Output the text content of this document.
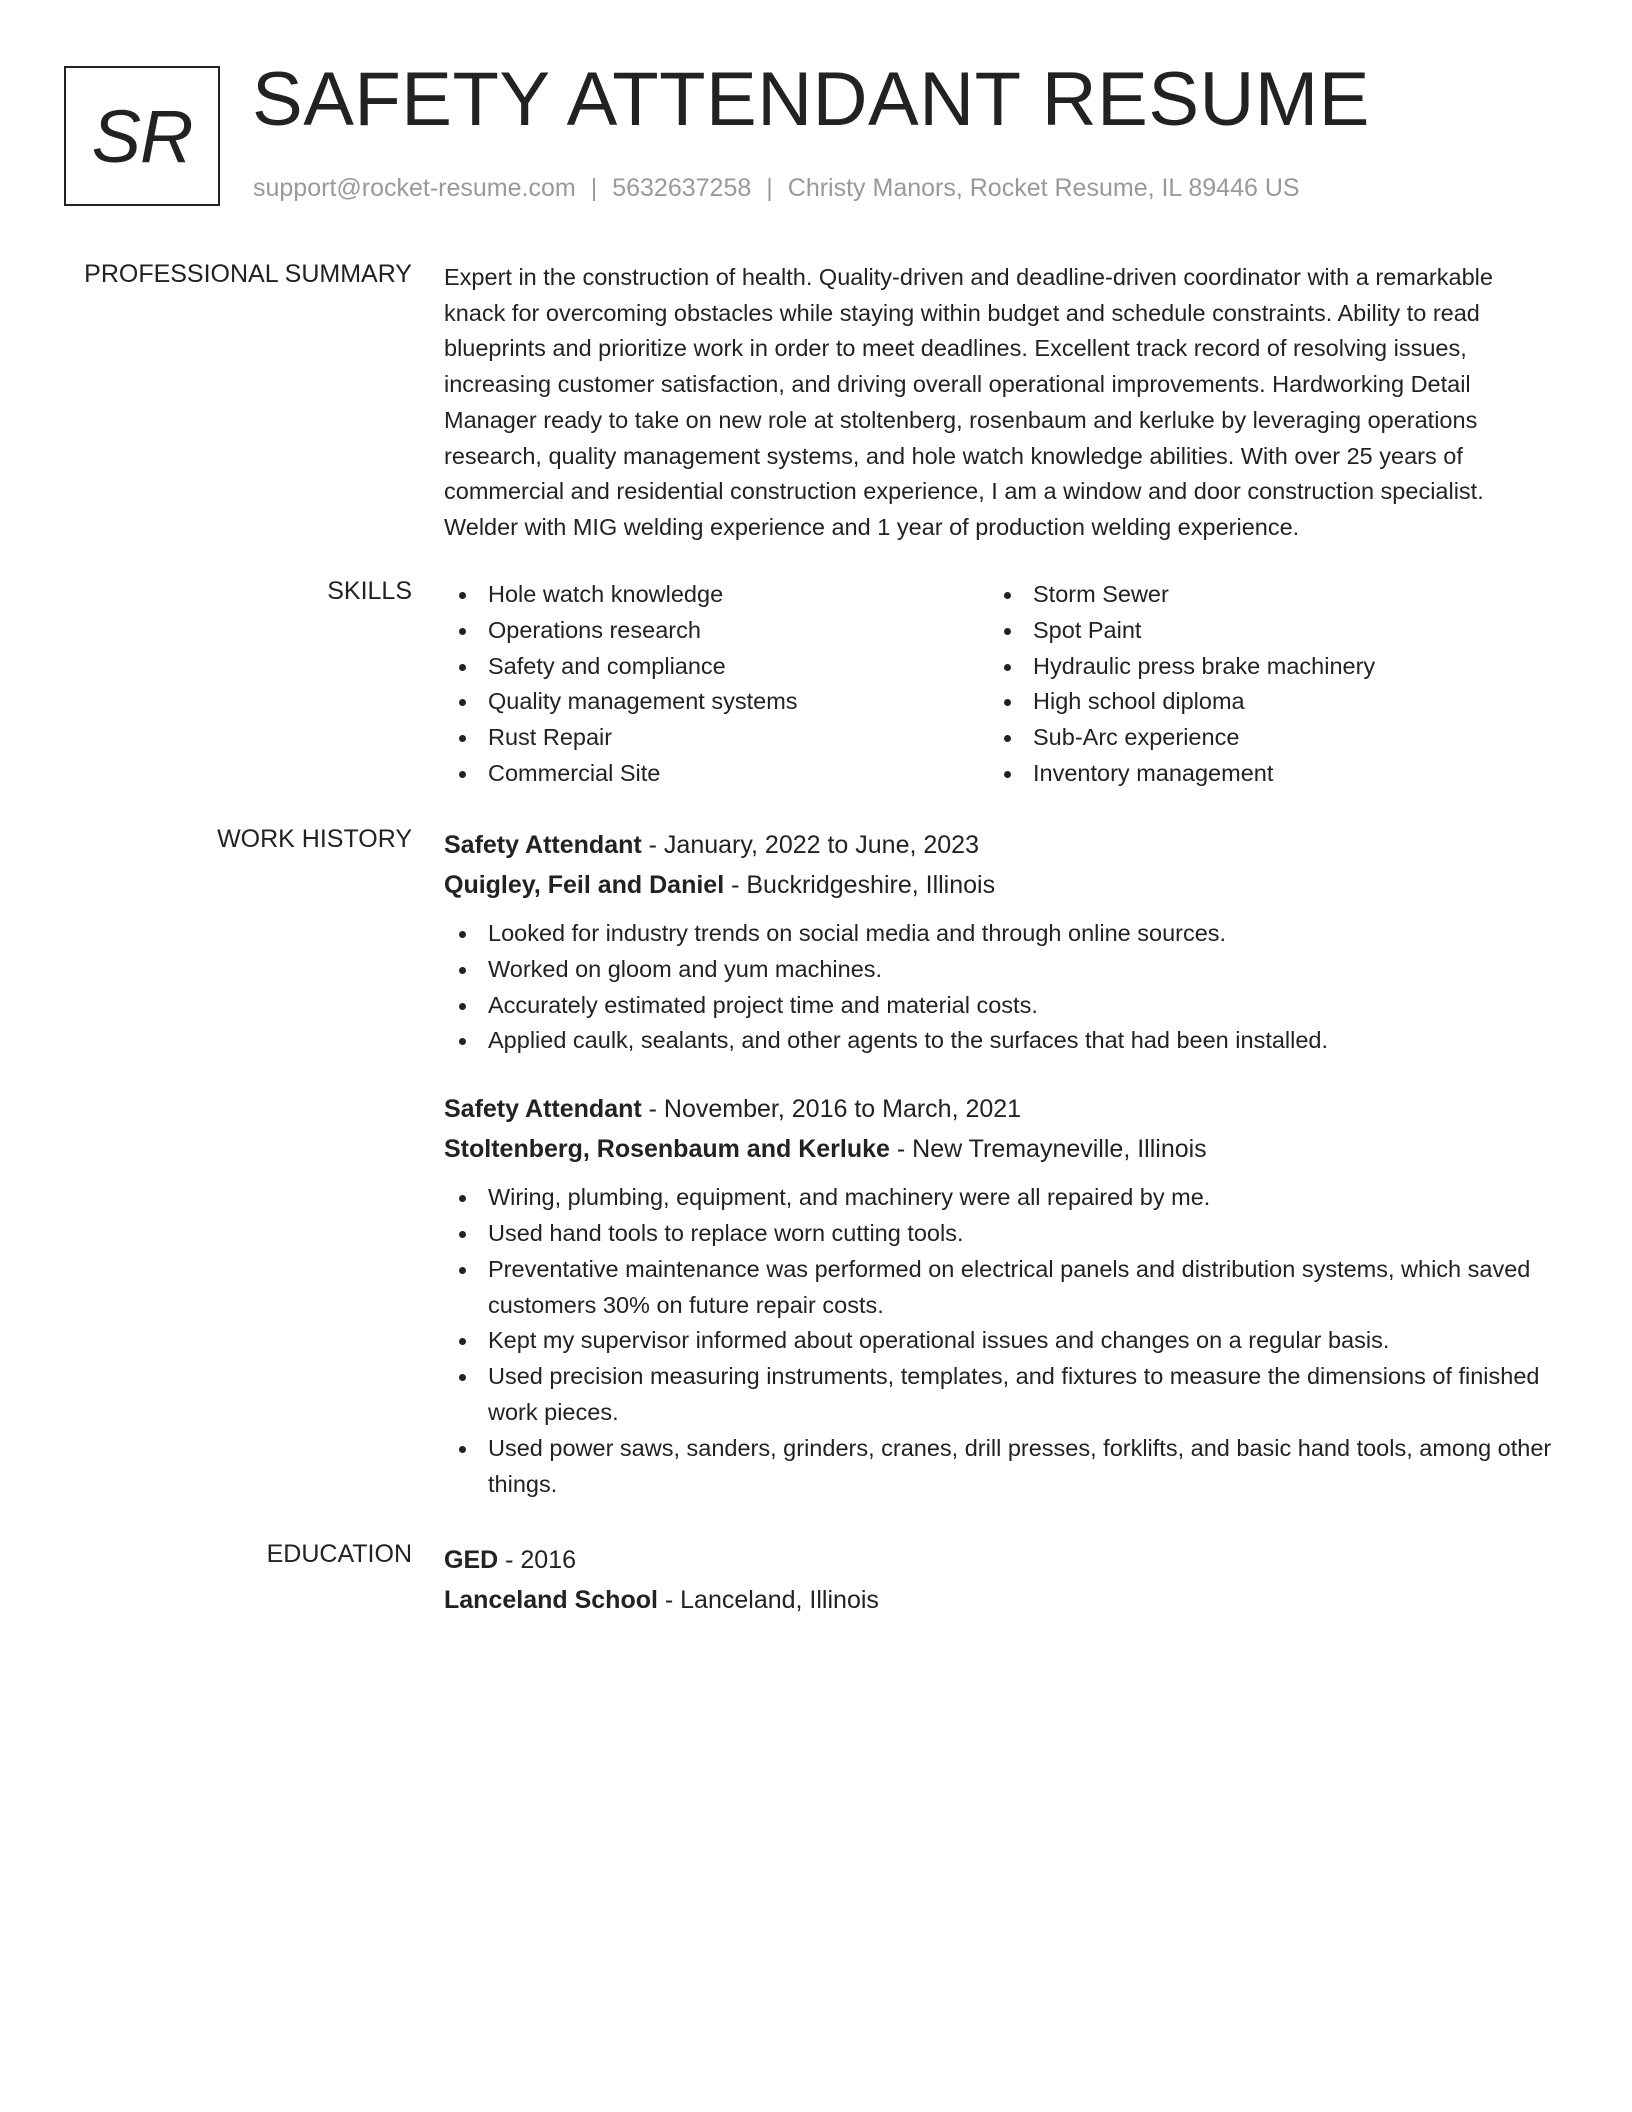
SR SAFETY ATTENDANT RESUME
support@rocket-resume.com | 5632637258 | Christy Manors, Rocket Resume, IL 89446 US
PROFESSIONAL SUMMARY Expert in the construction of health. Quality-driven and deadline-driven coordinator with a remarkable knack for overcoming obstacles while staying within budget and schedule constraints. Ability to read blueprints and prioritize work in order to meet deadlines. Excellent track record of resolving issues, increasing customer satisfaction, and driving overall operational improvements. Hardworking Detail Manager ready to take on new role at stoltenberg, rosenbaum and kerluke by leveraging operations research, quality management systems, and hole watch knowledge abilities. With over 25 years of commercial and residential construction experience, I am a window and door construction specialist. Welder with MIG welding experience and 1 year of production welding experience.

SKILLS	Hole watch knowledge
Operations research
Safety and compliance
Quality management systems
Rust Repair
Commercial Site
Storm Sewer
Spot Paint
Hydraulic press brake machinery
High school diploma
Sub-Arc experience
Inventory management
WORK HISTORY Safety Attendant - January, 2022 to June, 2023
Quigley, Feil and Daniel - Buckridgeshire, Illinois
Looked for industry trends on social media and through online sources.
Worked on gloom and yum machines.
Accurately estimated project time and material costs.
Applied caulk, sealants, and other agents to the surfaces that had been installed.
Safety Attendant - November, 2016 to March, 2021
Stoltenberg, Rosenbaum and Kerluke - New Tremayneville, Illinois
Wiring, plumbing, equipment, and machinery were all repaired by me.
Used hand tools to replace worn cutting tools.
Preventative maintenance was performed on electrical panels and distribution systems, which saved customers 30% on future repair costs.
Kept my supervisor informed about operational issues and changes on a regular basis.
Used precision measuring instruments, templates, and fixtures to measure the dimensions of finished work pieces.
Used power saws, sanders, grinders, cranes, drill presses, forklifts, and basic hand tools, among other things.
EDUCATION GED - 2016
Lanceland School - Lanceland, Illinois
